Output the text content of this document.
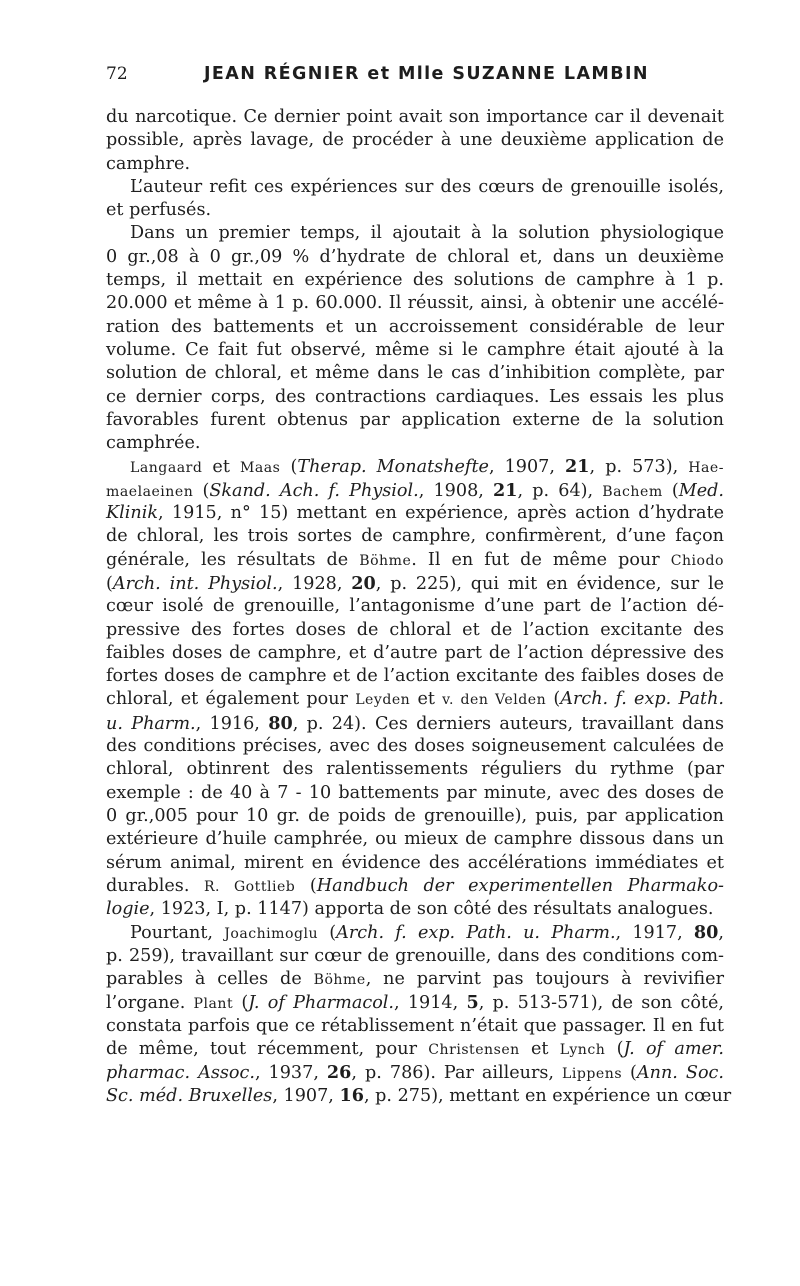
72	JEAN RÉGNIER et Mlle SUZANNE LAMBIN
du narcotique. Ce dernier point avait son importance car il devenait
possible, après lavage, de procéder à une deuxième application de
camphre.
L’auteur refit ces expériences sur des cœurs de grenouille isolés,
et perfusés.
Dans un premier temps, il ajoutait à la solution physiologique
0 gr.,08 à 0 gr.,09 % d’hydrate de chloral et, dans un deuxième
temps, il mettait en expérience des solutions de camphre à 1 p.
20.000 et même à 1 p. 60.000. Il réussit, ainsi, à obtenir une accélé-
ration des battements et un accroissement considérable de leur
volume. Ce fait fut observé, même si le camphre était ajouté à la
solution de chloral, et même dans le cas d’inhibition complète, par
ce dernier corps, des contractions cardiaques. Les essais les plus
favorables furent obtenus par application externe de la solution
camphrée.
Langaard et Maas (Therap. Monatshefte, 1907, 21, p. 573), Hae-
maelaeinen (Skand. Ach. f. Physiol., 1908, 21, p. 64), Bachem (Med.
Klinik, 1915, n° 15) mettant en expérience, après action d’hydrate
de chloral, les trois sortes de camphre, confirmèrent, d’une façon
générale, les résultats de Böhme. Il en fut de même pour Chiodo
(Arch. int. Physiol., 1928, 20, p. 225), qui mit en évidence, sur le
cœur isolé de grenouille, l’antagonisme d’une part de l’action dé-
pressive des fortes doses de chloral et de l’action excitante des
faibles doses de camphre, et d’autre part de l’action dépressive des
fortes doses de camphre et de l’action excitante des faibles doses de
chloral, et également pour Leyden et v. den Velden (Arch. f. exp. Path.
u. Pharm., 1916, 80, p. 24). Ces derniers auteurs, travaillant dans
des conditions précises, avec des doses soigneusement calculées de
chloral, obtinrent des ralentissements réguliers du rythme (par
exemple : de 40 à 7 - 10 battements par minute, avec des doses de
0 gr.,005 pour 10 gr. de poids de grenouille), puis, par application
extérieure d’huile camphrée, ou mieux de camphre dissous dans un
sérum animal, mirent en évidence des accélérations immédiates et
durables. R. Gottlieb (Handbuch der experimentellen Pharmako-
logie, 1923, I, p. 1147) apporta de son côté des résultats analogues.
Pourtant, Joachimoglu (Arch. f. exp. Path. u. Pharm., 1917, 80,
p. 259), travaillant sur cœur de grenouille, dans des conditions com-
parables à celles de Böhme, ne parvint pas toujours à revivifier
l’organe. Plant (J. of Pharmacol., 1914, 5, p. 513-571), de son côté,
constata parfois que ce rétablissement n’était que passager. Il en fut
de même, tout récemment, pour Christensen et Lynch (J. of amer.
pharmac. Assoc., 1937, 26, p. 786). Par ailleurs, Lippens (Ann. Soc.
Sc. méd. Bruxelles, 1907, 16, p. 275), mettant en expérience un cœur
